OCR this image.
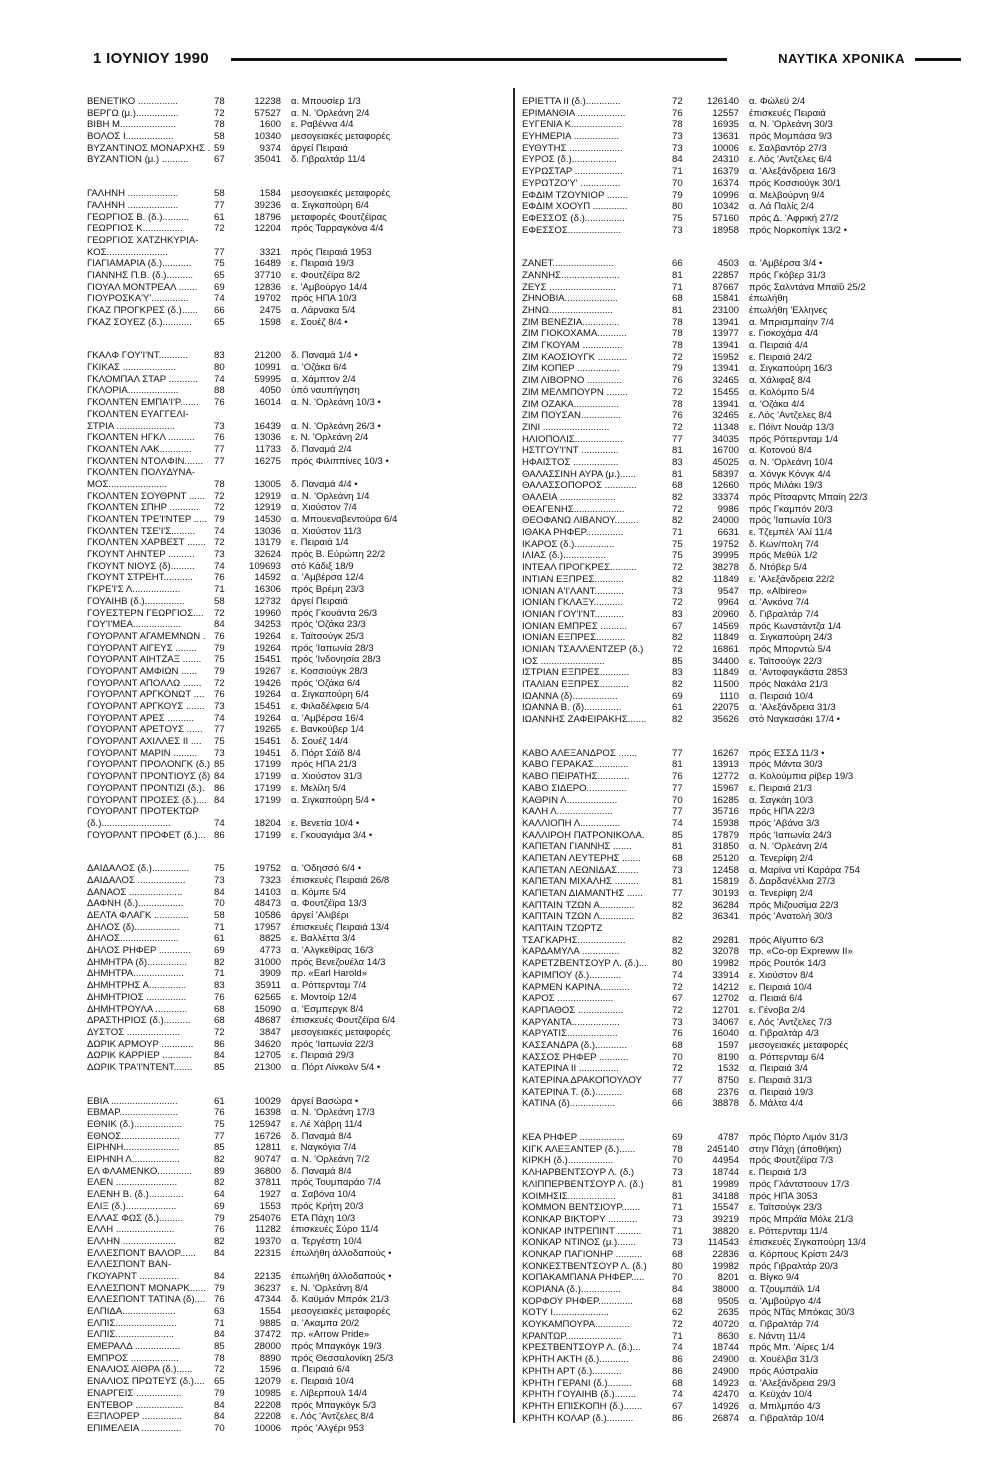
1 ΙΟΥΝΙΟΥ 1990	ΝΑΥΤΙΚΑ ΧΡΟΝΙΚΑ
ΒΕΝΕΤΙΚΟ ...............	78	12238	α. Μπουσίερ 1/3
ΒΕΡΓΩ (μ.)................	72	57527	α. Ν. 'Ορλεάνη 2/4
ΒΙΒΗ Μ.....................	78	1600	ε. Ραβέννα 4/4
ΒΟΛΟΣ Ι..................	58	10340	μεσογειακές μεταφορές
ΒΥΖΑΝΤΙΝΟΣ ΜΟΝΑΡΧΗΣ . 59	9374	άργεί Πειραιά
ΒΥΖΑΝΤΙΟΝ (μ.) ..........	67	35041	δ. Γιβραλτάρ 11/4
ΓΑΛΗΝΗ ...................	58	1584	μεσογειακές μεταφορές
ΓΑΛΗΝΗ ...................	77	39236	α. Σιγκαπούρη 6/4
ΓΕΩΡΓΙΟΣ Β. (δ.)..........	61	18796	μεταφορές Φουτζέϊρας
ΓΕΩΡΓΙΟΣ Κ...............	72	12204	πρός Ταρραγκόνα 4/4
ΓΕΩΡΓΙΟΣ ΧΑΤΖΗΚΥΡΙΑ-
ΚΟΣ.......................	77	3321	πρός Πειραιά 1953
ΓΙΑΓΙΑΜΑΡΙΑ (δ.)...........	75	16489	ε. Πειραιά 19/3
ΓΙΑΝΝΗΣ Π.Β. (δ.)..........	65	37710	ε. Φουτζέϊρα 8/2
ΓΙΟΥΑΛ ΜΟΝΤΡΕΑΛ .......	69	12836	ε. 'Αμβούργο 14/4
ΓΙΟΥΡΟΣΚΑ'Υ'..............	74	19702	πρός ΗΠΑ 10/3
ΓΚΑΖ ΠΡΟΓΚΡΕΣ (δ.)......	66	2475	α. Λάρνακα 5/4
ΓΚΑΖ ΣΟΥΕΖ (δ.)...........	65	1598	ε. Σουέζ 8/4 •
ΓΚΑΛΦ ΓΟΥ'Ι'ΝΤ...........	83	21200	δ. Παναμά 1/4 •
ΓΚΙΚΑΣ ....................	80	10991	α. 'Οζάκα 6/4
ΓΚΛΟΜΠΑΛ ΣΤΑΡ ...........	74	59995	α. Χάμπτον 2/4
ΓΚΛΟΡΙΑ...................	88	4050	ύπό ναυπήγηση
ΓΚΟΛΝΤΕΝ ΕΜΠΑ'Ι'Ρ.......	76	16014	α. Ν. 'Ορλεάνη 10/3 •
ΓΚΟΛΝΤΕΝ ΕΥΑΓΓΕΛΙ-
ΣΤΡΙΑ ......................	73	16439	α. Ν. 'Ορλεάνη 26/3 •
ΓΚΟΛΝΤΕΝ ΗΓΚΛ ..........	76	13036	ε. Ν. 'Ορλεάνη 2/4
ΓΚΟΛΝΤΕΝ ΛΑΚ............	77	11733	δ. Παναμά 2/4
ΓΚΟΛΝΤΕΝ ΝΤΟΛΦΙΝ.......	77	16275	πρός Φιλιππίνες 10/3 •
ΓΚΟΛΝΤΕΝ ΠΟΛΥΔΥΝΑ-
ΜΟΣ......................	78	13005	δ. Παναμά 4/4 •
ΓΚΟΛΝΤΕΝ ΣΟΥΘΡΝΤ ...... 72	12919	α. Ν. 'Ορλεάνη 1/4
ΓΚΟΛΝΤΕΝ ΣΠΗΡ ...........	72	12919	α. Χιούστον 7/4
ΓΚΟΛΝΤΕΝ ΤΡΕ'Ι'ΝΤΕΡ ..... 79	14530	α. Μπουεναβεντούρα 6/4
ΓΚΟΛΝΤΕΝ ΤΣΕ'Ι'Σ.........	74	13036	α. Χιούστον 11/3
ΓΚΟΛΝΤΕΝ ΧΑΡΒΕΣΤ ....... 72	13179	ε. Πειραιά 1/4
ΓΚΟΥΝΤ ΛΗΝΤΕΡ ..........	73	32624	πρός Β. Εύρώπη 22/2
ΓΚΟΥΝΤ ΝΙΟΥΣ (δ).........	74	109693	στό Κάδιξ 18/9
ΓΚΟΥΝΤ ΣΤΡΕΗΤ...........	76	14592	α. 'Αμβέρσα 12/4
ΓΚΡΕ'Ι'Σ Λ..................	71	16306	πρός Βρέμη 23/3
ΓΟΥΑΙΗΒ (δ.)...............	58	12732	άργεί Πειραιά
ΓΟΥΕΣΤΕΡΝ ΓΕΩΡΓΙΟΣ....	72	19960	πρός Γκουάντα 26/3
ΓΟΥ'Ι'ΜΕΑ..................	84	34253	πρός 'Οζάκα 23/3
ΓΟΥΟΡΛΝΤ ΑΓΑΜΕΜΝΩΝ . 76	19264	ε. Ταϊτσούγκ 25/3
ΓΟΥΟΡΛΝΤ ΑΙΓΕΥΣ ........	79	19264	πρός 'Ιαπωνία 28/3
ΓΟΥΟΡΛΝΤ ΑΙΗΤΖΑΞ .......	75	15451	πρός 'Ινδονησία 28/3
ΓΟΥΟΡΛΝΤ ΑΜΦΙΩΝ ......	79	19267	ε. Κοσσιούγκ 28/3
ΓΟΥΟΡΛΝΤ ΑΠΟΛΛΩ .......	72	19426	πρός 'Οζάκα 6/4
ΓΟΥΟΡΛΝΤ ΑΡΓΚΟΝΩΤ ....	76	19264	α. Σιγκαπούρη 6/4
ΓΟΥΟΡΛΝΤ ΑΡΓΚΟΥΣ ....... 73	15451	ε. Φιλαδέλφεια 5/4
ΓΟΥΟΡΛΝΤ ΑΡΕΣ ..........	74	19264	α. 'Αμβέρσα 16/4
ΓΟΥΟΡΛΝΤ ΑΡΕΤΟΥΣ ......	77	19265	ε. Βανκούβερ 1/4
ΓΟΥΟΡΛΝΤ ΑΧΙΛΛΕΣ ΙΙ ....	75	15451	δ. Σουέζ 14/4
ΓΟΥΟΡΛΝΤ ΜΑΡΙΝ .........	73	19451	δ. Πόρτ Σάϊδ 8/4
ΓΟΥΟΡΛΝΤ ΠΡΟΛΟΝΓΚ (δ.) 85	17199	πρός ΗΠΑ 21/3
ΓΟΥΟΡΛΝΤ ΠΡΟΝΤΙΟΥΣ (δ) 84	17199	α. Χιούστον 31/3
ΓΟΥΟΡΛΝΤ ΠΡΟΝΤΙΖΙ (δ.). 86	17199	ε. Μελίλη 5/4
ΓΟΥΟΡΛΝΤ ΠΡΟΣΕΣ (δ.).... 84	17199	α. Σιγκαπούρη 5/4 •
ΓΟΥΟΡΛΝΤ ΠΡΟΤΕΚΤΩΡ
(δ.)..........................	74	18204	ε. Βενετία 10/4 •
ΓΟΥΟΡΛΝΤ ΠΡΟΦΕΤ (δ.)... 86	17199	ε. Γκουαγιάμα 3/4 •
ΔΑΙΔΑΛΟΣ (δ.)..............	75	19752	α. 'Οδησσό 6/4 •
ΔΑΙΔΑΛΟΣ ..................	73	7323	έπισκευές Πειραιά 26/8
ΔΑΝΑΟΣ ....................	84	14103	α. Κόμπε 5/4
ΔΑΦΝΗ (δ.).................	70	48473	α. Φουτζέϊρα 13/3
ΔΕΛΤΑ ΦΛΑΓΚ .............	58	10586	άργεί 'Αλιβέρι
ΔΗΛΟΣ (δ).................	71	17957	έπισκευές Πειραιά 13/4
ΔΗΛΟΣ......................	61	8825	ε. Βαλλέττα 3/4
ΔΗΛΟΣ ΡΗΦΕΡ ............	69	4773	α. 'Αλγκεθίρας 16/3
ΔΗΜΗΤΡΑ (δ)...............	82	31000	πρός Βενεζουέλα 14/3
ΔΗΜΗΤΡΑ...................	71	3909	πρ. «Earl Harold»
ΔΗΜΗΤΡΗΣ Α..............	83	35911	α. Ρόττερνταμ 7/4
ΔΗΜΗΤΡΙΟΣ ...............	76	62565	ε. Μοντοίρ 12/4
ΔΗΜΗΤΡΟΥΛΑ ............	68	15090	α. 'Εσμπεργκ 8/4
ΔΡΑΣΤΗΡΙΟΣ (δ.)..........	68	48687	έπισκευές Φουτζέϊρα 6/4
ΔΥΣΤΟΣ ....................	72	3847	μεσογειακές μεταφορές
ΔΩΡΙΚ ΑΡΜΟΥΡ ............	86	34620	πρός 'Ιαπωνία 22/3
ΔΩΡΙΚ ΚΑΡΡΙΕΡ ...........	84	12705	ε. Πειραιά 29/3
ΔΩΡΙΚ ΤΡΑ'Ι'ΝΤΕΝΤ.......	85	21300	α. Πόρτ Λίνκολν 5/4 •
ΕΒΙΑ .........................	61	10029	άργεί Βασώρα •
ΕΒΜΑΡ......................	76	16398	α. Ν. 'Ορλεάνη 17/3
ΕΘΝΙΚ (δ.)..................	75	125947	ε. Λέ Χάβρη 11/4
ΕΘΝΟΣ......................	77	16726	δ. Παναμά 8/4
ΕΙΡΗΝΗ.....................	85	12811	ε. Ναγκόγια 7/4
ΕΙΡΗΝΗ Λ..................	82	90747	α. Ν. 'Ορλεάνη 7/2
ΕΛ ΦΛΑΜΕΝΚΟ.............	89	36800	δ. Παναμά 8/4
ΕΛΕΝ .......................	82	37811	πρός Τουμπαράο 7/4
ΕΛΕΝΗ Β. (δ.).............	64	1927	α. Σαβόνα 10/4
ΕΛΙΞ (δ.)...................	69	1553	πρός Κρήτη 20/3
ΕΛΛΑΣ ΦΩΣ (δ.).........	79	254076	ΕΤΑ Πάχη 10/3
ΕΛΛΗ ......................	76	11282	έπισκευές Σύρο 11/4
ΕΛΛΗΝ ....................	82	19370	α. Τεργέστη 10/4
ΕΛΛΕΣΠΟΝΤ ΒΑΛΟΡ......	84	22315	έπωλήθη άλλοδαπούς •
ΕΛΛΕΣΠΟΝΤ ΒΑΝ-
ΓΚΟΥΑΡΝΤ ...............	84	22135	έπωλήθη άλλοδαπούς •
ΕΛΛΕΣΠΟΝΤ ΜΟΝΑΡΚ...... 79	36237	ε. Ν. 'Ορλεάνη 8/4
ΕΛΛΕΣΠΟΝΤ ΤΑΤΙΝΑ (δ).... 76	47344	δ. Καϋμάν Μπράκ 21/3
ΕΛΠΙΔΑ....................	63	1554	μεσογειακές μεταφορές
ΕΛΠΙΣ.......................	71	9885	α. 'Ακαμπα 20/2
ΕΛΠΙΣ......................	84	37472	πρ. «Arrow Pride»
ΕΜΕΡΑΛΔ .................	85	28000	πρός Μπαγκόγκ 19/3
ΕΜΠΡΟΣ ..................	78	8890	πρός Θεσσαλονίκη 25/3
ΕΝΑΛΙΟΣ ΑΙΘΡΑ (δ.)......	72	1596	α. Πειραιά 6/4
ΕΝΑΛΙΟΣ ΠΡΩΤΕΥΣ (δ.).... 65	12079	ε. Πειραιά 10/4
ΕΝΑΡΓΕΙΣ .................	79	10985	ε. Λίβερπουλ 14/4
ΕΝΤΕΒΟΡ ..................	84	22208	πρός Μπαγκόγκ 5/3
ΕΞΠΛΟΡΕΡ ...............	84	22208	ε. Λός 'Αντζελες 8/4
ΕΠΙΜΕΛΕΙΑ ...............	70	10006	πρός 'Αλγέρι 953
ΕΡΙΕΤΤΑ ΙΙ (δ.).............	72	126140	α. Φώλεϋ 2/4
ΕΡΙΜΑΝΘΙΑ ..................	76	12557	έπισκευές Πειραιά
ΕΥΓΕΝΙΑ Κ...................	78	16935	α. Ν. 'Ορλεάνη 30/3
ΕΥΗΜΕΡΙΑ .................	73	13631	πρός Μομπάσα 9/3
ΕΥΘΥΤΗΣ ....................	73	10006	ε. Σαλβαντόρ 27/3
ΕΥΡΟΣ (δ.).................	84	24310	ε. Λός 'Αντζελες 6/4
ΕΥΡΩΣΤΑΡ ..................	71	16379	α. 'Αλεξάνδρεια 16/3
ΕΥΡΩΤΖΟ'Υ' ...............	70	16374	πρός Κοσσιούγκ 30/1
ΕΦΔΙΜ ΤΖΟΥΝΙΟΡ ........	79	10996	α. Μελβούρνη 9/4
ΕΦΔΙΜ ΧΟΟΥΠ .............	80	10342	α. Λά Παλίς 2/4
ΕΦΕΣΣΟΣ (δ.)...............	75	57160	πρός Δ. 'Αφρική 27/2
ΕΦΕΣΣΟΣ....................	73	18958	πρός Νορκοπίγκ 13/2 •
ΖΑΝΕΤ.......................	66	4503	α. 'Αμβέρσα 3/4 •
ΖΑΝΝΗΣ......................	81	22857	πρός Γκόβερ 31/3
ΖΕΥΣ .........................	71	87667	πρός Σαλντάνα Μπαϊΰ 25/2
ΖΗΝΟΒΙΑ....................	68	15841	έπωλήθη
ΖΗΝΩ........................	81	23100	έπωλήθη 'Ελληνες
ΖΙΜ ΒΕΝΕΖΙΑ..............	78	13941	α. Μπρισμπαίην 7/4
ΖΙΜ ΓΙΟΚΟΧΑΜΑ...........	78	13977	ε. Γιοκοχάμα 4/4
ΖΙΜ ΓΚΟΥΑΜ ...............	78	13941	α. Πειραιά 4/4
ΖΙΜ ΚΑΟΣΙΟΥΓΚ ...........	72	15952	ε. Πειραιά 24/2
ΖΙΜ ΚΟΠΕΡ ................	79	13941	α. Σιγκαπούρη 16/3
ΖΙΜ ΛΙΒΟΡΝΟ .............	76	32465	α. Χάλιφαξ 8/4
ΖΙΜ ΜΕΛΜΠΟΥΡΝ ........	72	15455	α. Κολόμπο 5/4
ΖΙΜ ΟΖΑΚΑ.................	78	13941	α. 'Οζάκα 4/4
ΖΙΜ ΠΟΥΣΑΝ...............	76	32465	ε. Λός 'Αντζελες 8/4
ΖΙΝΙ .........................	72	11348	ε. Πόϊντ Νουάρ 13/3
ΗΛΙΟΠΟΛΙΣ..................	77	34035	πρός Ρόττερνταμ 1/4
ΗΣΤΓΟΥ'Ι'ΝΤ ..............	81	16700	α. Κοτονού 8/4
ΗΦΑΙΣΤΟΣ .................	83	45025	α. Ν. 'Ορλεάνη 10/4
ΘΑΛΑΣΣΙΝΗ ΑΥΡΑ (μ.)......	81	58397	α. Χόνγκ Κόνγκ 4/4
ΘΑΛΑΣΣΟΠΟΡΟΣ ............	68	12660	πρός Μιλάκι 19/3
ΘΑΛΕΙΑ .....................	82	33374	πρός Ρίτσαρντς Μπαίη 22/3
ΘΕΑΓΕΝΗΣ...................	72	9986	πρός Γκαμπόν 20/3
ΘΕΟΦΑΝΩ ΛΙΒΑΝΟΥ.........	82	24000	πρός 'Ιαπωνία 10/3
ΙΘΑΚΑ ΡΗΦΕΡ..............	71	6631	ε. Τζεμπέλ 'Αλί 11/4
ΙΚΑΡΟΣ (δ.)...............	75	19752	δ. Κων/πολη 7/4
ΙΛΙΑΣ (δ.)................	75	39995	πρός Μεθύλ 1/2
ΙΝΤΕΑΛ ΠΡΟΓΚΡΕΣ..........	72	38278	δ. Ντόβερ 5/4
ΙΝΤΙΑΝ ΕΞΠΡΕΣ...........	82	11849	ε. 'Αλεξάνδρεια 22/2
ΙΟΝΙΑΝ Α'Ι'ΛΑΝΤ...........	73	9547	πρ. «Albireo»
ΙΟΝΙΑΝ ΓΚΛΑΞΥ...........	72	9964	α. 'Ανκόνα 7/4
ΙΟΝΙΑΝ ΓΟΥ'Ι'ΝΤ...........	83	20960	δ. Γιβραλτάρ 7/4
ΙΟΝΙΑΝ ΕΜΠΡΕΣ ..........	67	14569	πρός Κωνστάντζα 1/4
ΙΟΝΙΑΝ ΕΞΠΡΕΣ...........	82	11849	α. Σιγκαπούρη 24/3
ΙΟΝΙΑΝ ΤΣΑΛΛΕΝΤΖΕΡ (δ.)	72	16861	πρός Μπορντώ 5/4
ΙΟΣ ........................	85	34400	ε. Ταϊτσούγκ 22/3
ΙΣΤΡΙΑΝ ΕΞΠΡΕΣ...........	83	11849	α. 'Αντοφαγκάστα 2853
ΙΤΑΛΙΑΝ ΕΞΠΡΕΣ...........	82	11500	πρός Νακάλα 21/3
ΙΩΑΝΝΑ (δ).................	69	1110	α. Πειραιά 10/4
ΙΩΑΝΝΑ Β. (δ)..............	61	22075	α. 'Αλεξάνδρεια 31/3
ΙΩΑΝΝΗΣ ΖΑΦΕΙΡΑΚΗΣ.......	82	35626	στό Ναγκασάκι 17/4 •
ΚΑΒΟ ΑΛΕΞΑΝΔΡΟΣ .......	77	16267	πρός ΕΣΣΔ 11/3 •
ΚΑΒΟ ΓΕΡΑΚΑΣ.............	81	13913	πρός Μάντα 30/3
ΚΑΒΟ ΠΕΙΡΑΤΗΣ............	76	12772	α. Κολούμπια ρίβερ 19/3
ΚΑΒΟ ΣΙΔΕΡΟ...............	77	15967	ε. Πειραιά 21/3
ΚΑΘΡΙΝ Λ...................	70	16285	α. Σαγκάη 10/3
ΚΑΛΗ Λ.....................	77	35716	πρός ΗΠΑ 22/3
ΚΑΛΛΙΟΠΗ Λ...............	74	15938	πρός 'Αβάνα 3/3
ΚΑΛΛΙΡΟΗ ΠΑΤΡΟΝΙΚΟΛΑ.	85	17879	πρός 'Ιαπωνία 24/3
ΚΑΠΕΤΑΝ ΓΙΑΝΝΗΣ .......	81	31850	α. Ν. 'Ορλεάνη 2/4
ΚΑΠΕΤΑΝ ΛΕΥΤΕΡΗΣ .......	68	25120	α. Τενερίφη 2/4
ΚΑΠΕΤΑΝ ΛΕΩΝΙΔΑΣ........	73	12458	α. Μαρίνα ντί Καράρα 754
ΚΑΠΕΤΑΝ ΜΙΧΑΛΗΣ .........	81	15819	δ. Δαρδανέλλια 27/3
ΚΑΠΕΤΑΝ ΔΙΑΜΑΝΤΗΣ ......	77	30193	α. Τενερίφη 2/4
ΚΑΠΤΑΙΝ ΤΖΩΝ Α.............	82	36284	πρός Μιζουσίμα 22/3
ΚΑΠΤΑΙΝ ΤΖΩΝ Λ.............	82	36341	πρός 'Ανατολή 30/3
ΚΑΠΤΑΙΝ ΤΖΩΡΤΖ
ΤΣΑΓΚΑΡΗΣ..................	82	29281	πρός Αίγυπτο 6/3
ΚΑΡΔΑΜΥΛΑ ..............	82	32078	πρ. «Co-op Expreww II»
ΚΑΡΕΤΖΒΕΝΤΣΟΥΡ Λ. (δ.)...	80	19982	πρός Ρουτόκ 14/3
ΚΑΡΙΜΠΟΥ (δ.)............	74	33914	ε. Χιούστον 8/4
ΚΑΡΜΕΝ ΚΑΡΙΝΑ...........	72	14212	ε. Πειραιά 10/4
ΚΑΡΟΣ .....................	67	12702	α. Πειαιά 6/4
ΚΑΡΠΑΘΟΣ .................	72	12701	ε. Γένοβα 2/4
ΚΑΡΥΑΝΤΑ..................	73	34067	ε. Λός 'Αντζελες 7/3
ΚΑΡΥΑΤΙΣ...................	76	16040	α. Γιβραλτάρ 4/3
ΚΑΣΣΑΝΔΡΑ (δ.)............	68	1597	μεσογειακές μεταφορές
ΚΑΣΣΟΣ ΡΗΦΕΡ ...........	70	8190	α. Ρόττερνταμ 6/4
ΚΑΤΕΡΙΝΑ ΙΙ ...............	72	1532	α. Πειραιά 3/4
ΚΑΤΕΡΙΝΑ ΔΡΑΚΟΠΟΥΛΟΥ	77	8750	ε. Πειραιά 31/3
ΚΑΤΕΡΙΝΑ Τ. (δ.)..........	68	2376	α. Πειραιά 19/3
ΚΑΤΙΝΑ (δ).................	66	38878	δ. Μάλτα 4/4
ΚΕΑ ΡΗΦΕΡ .................	69	4787	πρός Πόρτο Λιμόν 31/3
ΚΙΓΚ ΑΛΕΞΑΝΤΕΡ (δ.)......	78	245140	στην Πάχη (άποθήκη)
ΚΙΡΚΗ (δ.).................	70	44954	πρός Φουτζέϊρα 7/3
ΚΛΗΑΡΒΕΝΤΣΟΥΡ Λ. (δ.)	73	18744	ε. Πειραιά 1/3
ΚΛΙΠΠΕΡΒΕΝΤΣΟΥΡ Λ. (δ.)	81	19989	πρός Γλάντστοουν 17/3
ΚΟΙΜΗΣΙΣ..................	81	34188	πρός ΗΠΑ 3053
ΚΟΜΜΟΝ ΒΕΝΤΣΙΟΥΡ.......	71	15547	ε. Ταϊτσούγκ 23/3
ΚΟΝΚΑΡ ΒΙΚΤΟΡΥ ...........	73	39219	πρός Μπράϊα Μόλε 21/3
ΚΟΝΚΑΡ ΙΝΤΡΕΠΙΝΤ .........	71	38820	ε. Ρόττερνταμ 11/4
ΚΟΝΚΑΡ ΝΤΙΝΟΣ (μ.).......	73	114543	έπισκευές Σιγκαπούρη 13/4
ΚΟΝΚΑΡ ΠΑΓΙΟΝΗΡ ..........	68	22836	α. Κόρπους Κρίστι 24/3
ΚΟΝΚΕΣΤΒΕΝΤΣΟΥΡ Λ. (δ.)	80	19982	πρός Γιβραλτάρ 20/3
ΚΟΠΑΚΑΜΠΑΝΑ ΡΗΦΕΡ.....	70	8201	α. Βίγκο 9/4
ΚΟΡΙΑΝΑ (δ.)...............	84	38000	α. Τζουμπάϊλ 1/4
ΚΟΡΦΟΥ ΡΗΦΕΡ.............	68	9505	α. 'Αμβούργο 4/4
ΚΟΤΥ Ι.....................	62	2635	πρός ΝΤάς Μπόκας 30/3
ΚΟΥΚΑΜΠΟΥΡΑ.............	72	40720	α. Γιβραλτάρ 7/4
ΚΡΑΝΤΩΡ.....................	71	8630	ε. Νάντη 11/4
ΚΡΕΣΤΒΕΝΤΣΟΥΡ Λ. (δ.)...	74	18744	πρός Μπ. 'Αίρες 1/4
ΚΡΗΤΗ ΑΚΤΗ (δ.)...........	86	24900	α. Χουέλβα 31/3
ΚΡΗΤΗ ΑΡΤ (δ.)...........	86	24900	πρός Αύστραλία
ΚΡΗΤΗ ΓΕΡΑΝΙ (δ.).........	68	14923	α. 'Αλεξάνδρεια 29/3
ΚΡΗΤΗ ΓΟΥΑΙΗΒ (δ.)........	74	42470	α. Κεϋχάν 10/4
ΚΡΗΤΗ ΕΠΙΣΚΟΠΗ (δ.).......	67	14926	α. Μπιλμπάο 4/3
ΚΡΗΤΗ ΚΟΛΑΡ (δ.)..........	86	26874	α. Γιβραλτάρ 10/4
